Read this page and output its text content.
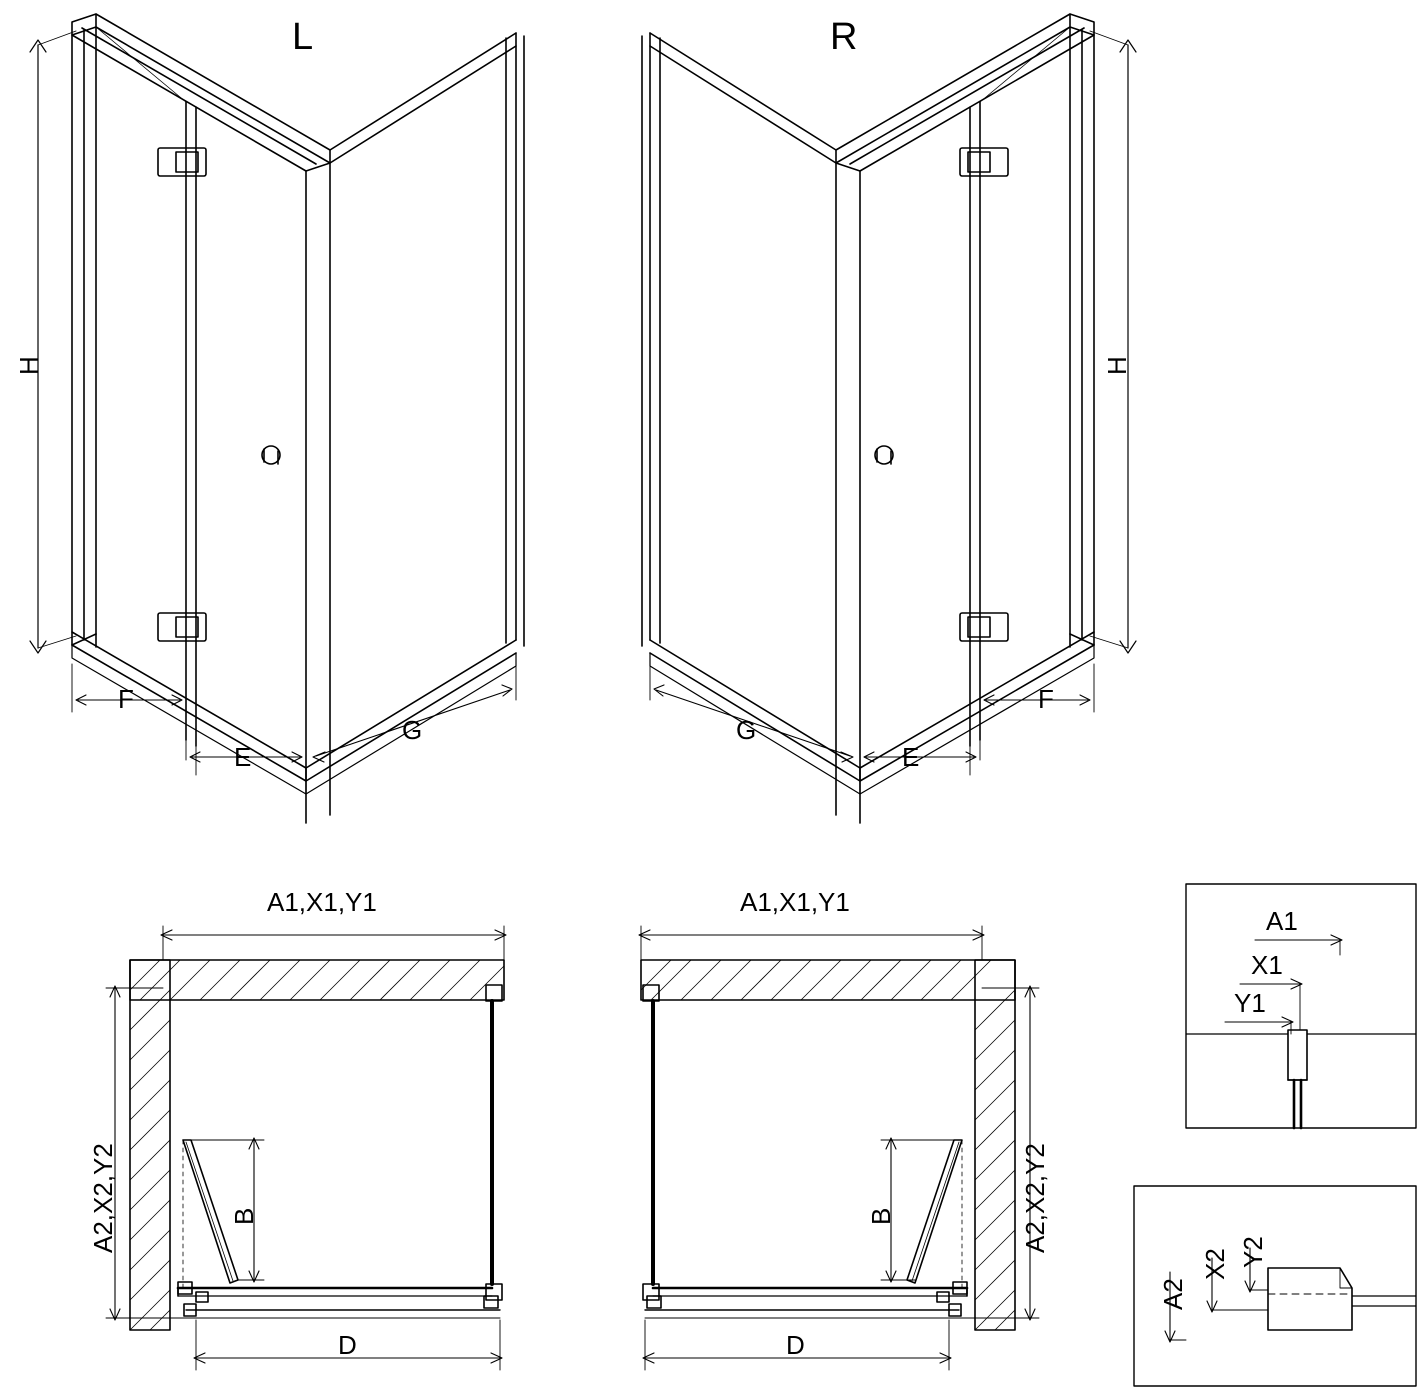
L	R
H	H
F
E
G	G
E
F
A1,X1,Y1
A2,X2,Y2	B
D
A1,X1,Y1
A2,X2,Y2
B
D
A1
X1
Y1
A2
X2 Y2
